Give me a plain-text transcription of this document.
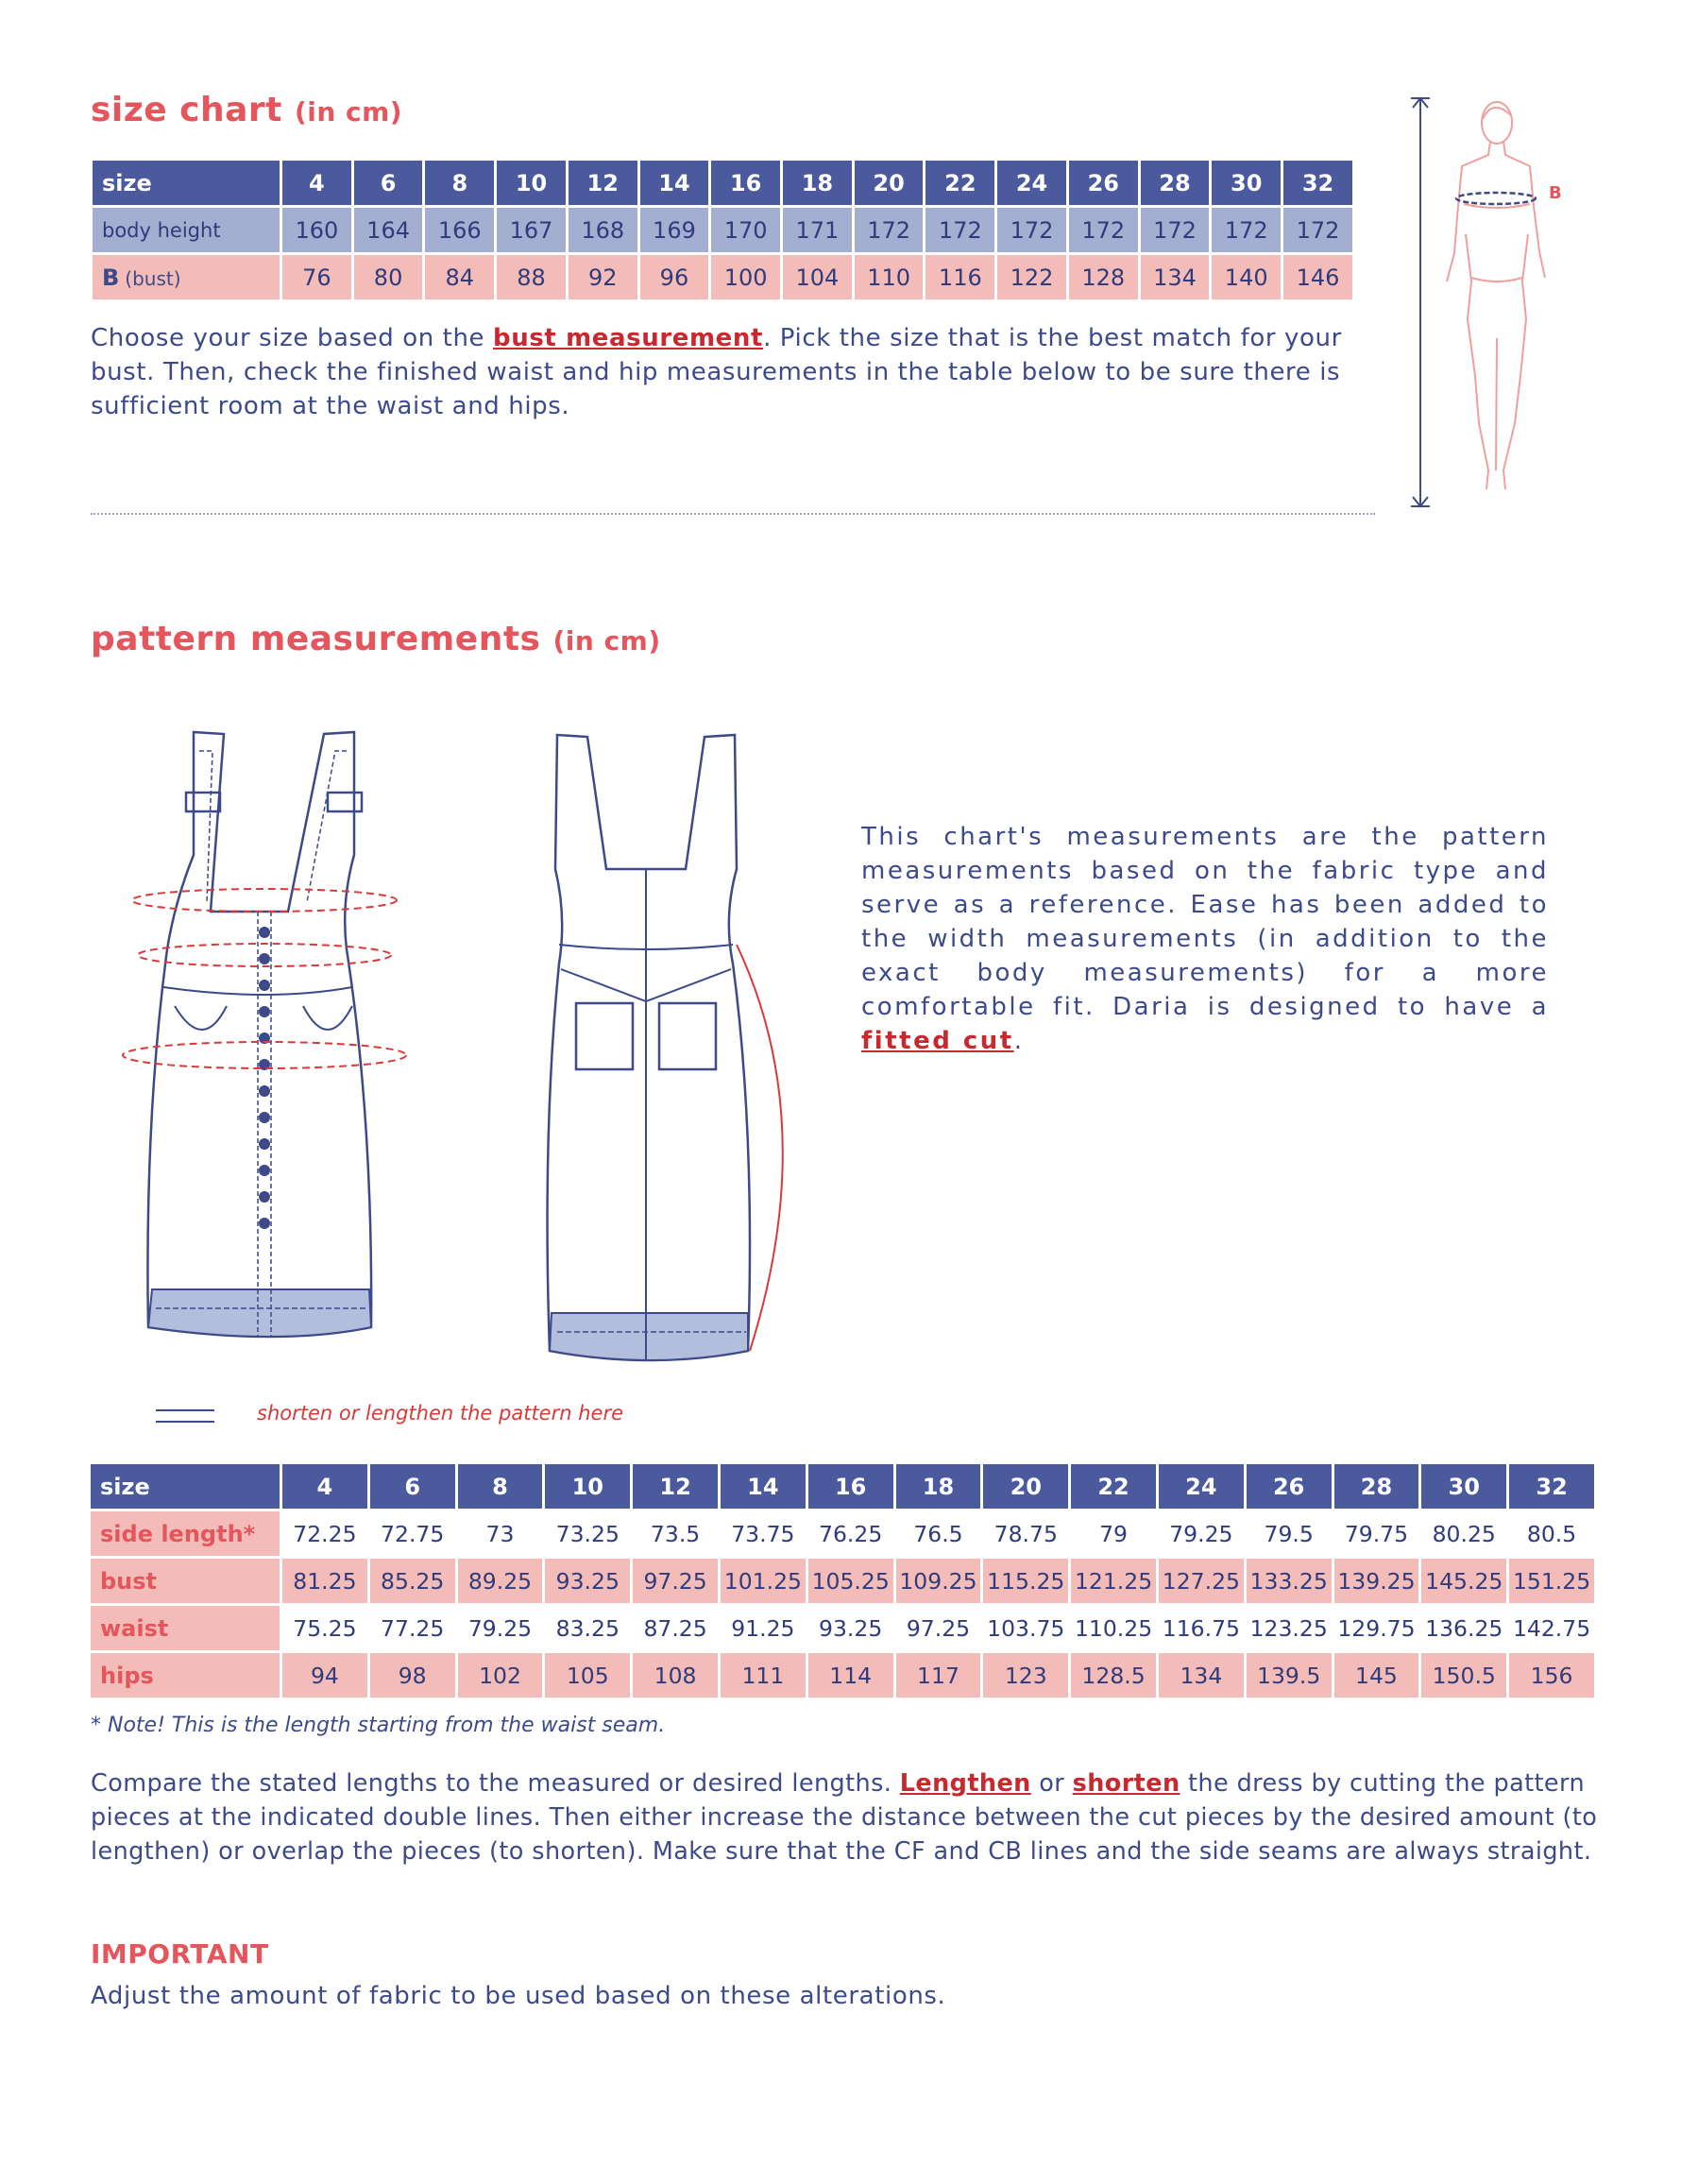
size chart (in cm)
size	4	6	8	10	12	14	16	18	20	22	24	26	28	30	32
body height	160	164	166	167	168	169	170	171	172	172	172	172	172	172	172
B (bust)	76	80	84	88	92	96	100	104	110	116	122	128	134	140	146
Choose your size based on the bust measurement. Pick the size that is the best match for your bust. Then, check the finished waist and hip measurements in the table below to be sure there is sufficient room at the waist and hips.
B
pattern measurements (in cm)
This chart's measurements are the pattern measurements based on the fabric type and serve as a reference. Ease has been added to the width measurements (in addition to the exact body measurements) for a more comfortable fit. Daria is designed to have a fitted cut.
shorten or lengthen the pattern here
size	4	6	8	10	12	14	16	18	20	22	24	26	28	30	32
side length*	72.25	72.75	73	73.25	73.5	73.75	76.25	76.5	78.75	79	79.25	79.5	79.75	80.25	80.5
bust	81.25	85.25	89.25	93.25	97.25	101.25	105.25	109.25	115.25	121.25	127.25	133.25	139.25	145.25	151.25
waist	75.25	77.25	79.25	83.25	87.25	91.25	93.25	97.25	103.75	110.25	116.75	123.25	129.75	136.25	142.75
hips	94	98	102	105	108	111	114	117	123	128.5	134	139.5	145	150.5	156
* Note! This is the length starting from the waist seam.
Compare the stated lengths to the measured or desired lengths. Lengthen or shorten the dress by cutting the pattern pieces at the indicated double lines. Then either increase the distance between the cut pieces by the desired amount (to lengthen) or overlap the pieces (to shorten). Make sure that the CF and CB lines and the side seams are always straight.
IMPORTANT
Adjust the amount of fabric to be used based on these alterations.
